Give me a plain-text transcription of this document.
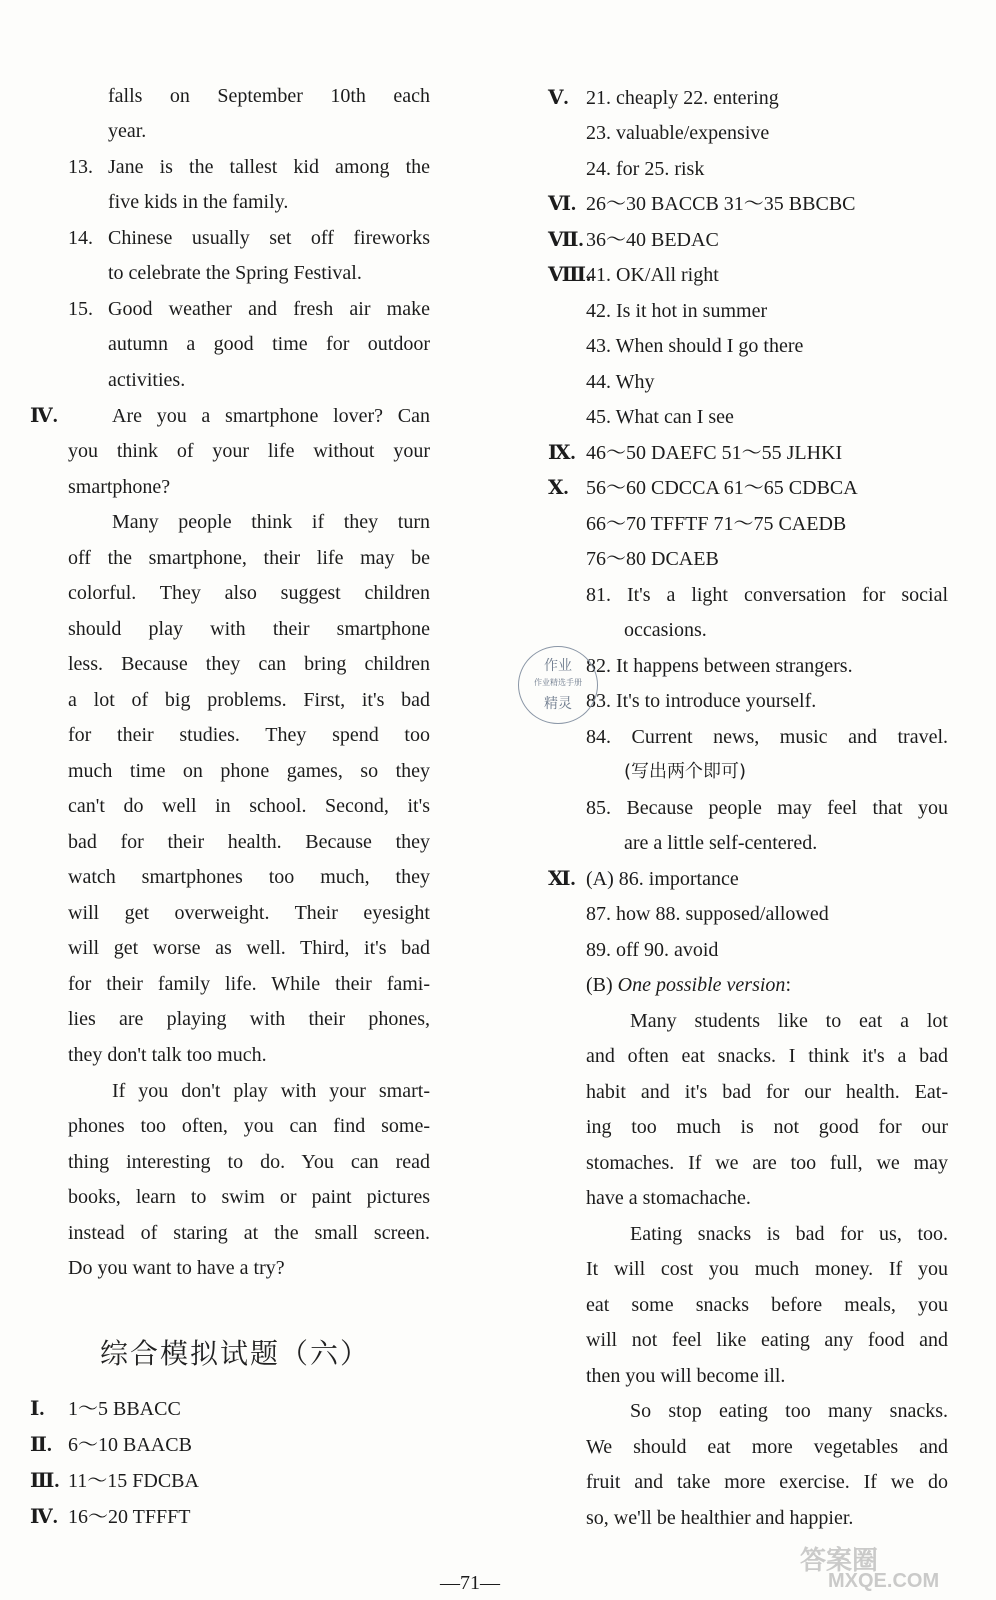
falls on September 10th each
year.
13. Jane is the tallest kid among the
five kids in the family.
14. Chinese usually set off fireworks
to celebrate the Spring Festival.
15. Good weather and fresh air make
autumn a good time for outdoor
activities.
Ⅳ.	Are you a smartphone lover? Can
you think of your life without your
smartphone?
Many people think if they turn
off the smartphone, their life may be
colorful. They also suggest children
should play with their smartphone
less. Because they can bring children
a lot of big problems. First, it's bad
for their studies. They spend too
much time on phone games, so they
can't do well in school. Second, it's
bad for their health. Because they
watch smartphones too much, they
will get overweight. Their eyesight
will get worse as well. Third, it's bad
for their family life. While their fami-
lies are playing with their phones,
they don't talk too much.
If you don't play with your smart-
phones too often, you can find some-
thing interesting to do. You can read
books, learn to swim or paint pictures
instead of staring at the small screen.
Do you want to have a try?
综合模拟试题（六）
Ⅰ. 1～5 BBACC
Ⅱ. 6～10 BAACB
Ⅲ. 11～15 FDCBA
Ⅳ. 16～20 TFFFT
Ⅴ. 21. cheaply 22. entering
23. valuable/expensive
24. for 25. risk
Ⅵ. 26～30 BACCB 31～35 BBCBC
Ⅶ. 36～40 BEDAC
Ⅷ.
41. OK/All right
42. Is it hot in summer
43. When should I go there
44. Why
45. What can I see
Ⅸ. 46～50 DAEFC 51～55 JLHKI
Ⅹ. 56～60 CDCCA 61～65 CDBCA
66～70 TFFTF 71～75 CAEDB
76～80 DCAEB
81. It's a light conversation for social
occasions.
82. It happens between strangers.
83. It's to introduce yourself.
84. Current news, music and travel.
(写出两个即可)
85. Because people may feel that you
are a little self-centered.
Ⅺ. (A) 86. importance
87. how 88. supposed/allowed
89. off 90. avoid
(B) One possible version:
Many students like to eat a lot
and often eat snacks. I think it's a bad
habit and it's bad for our health. Eat-
ing too much is not good for our
stomaches. If we are too full, we may
have a stomachache.
Eating snacks is bad for us, too.
It will cost you much money. If you
eat some snacks before meals, you
will not feel like eating any food and
then you will become ill.
So stop eating too many snacks.
We should eat more vegetables and
fruit and take more exercise. If we do
so, we'll be healthier and happier.
作业
作业精选手册
精灵
—71—
答案圈
MXQE.COM
